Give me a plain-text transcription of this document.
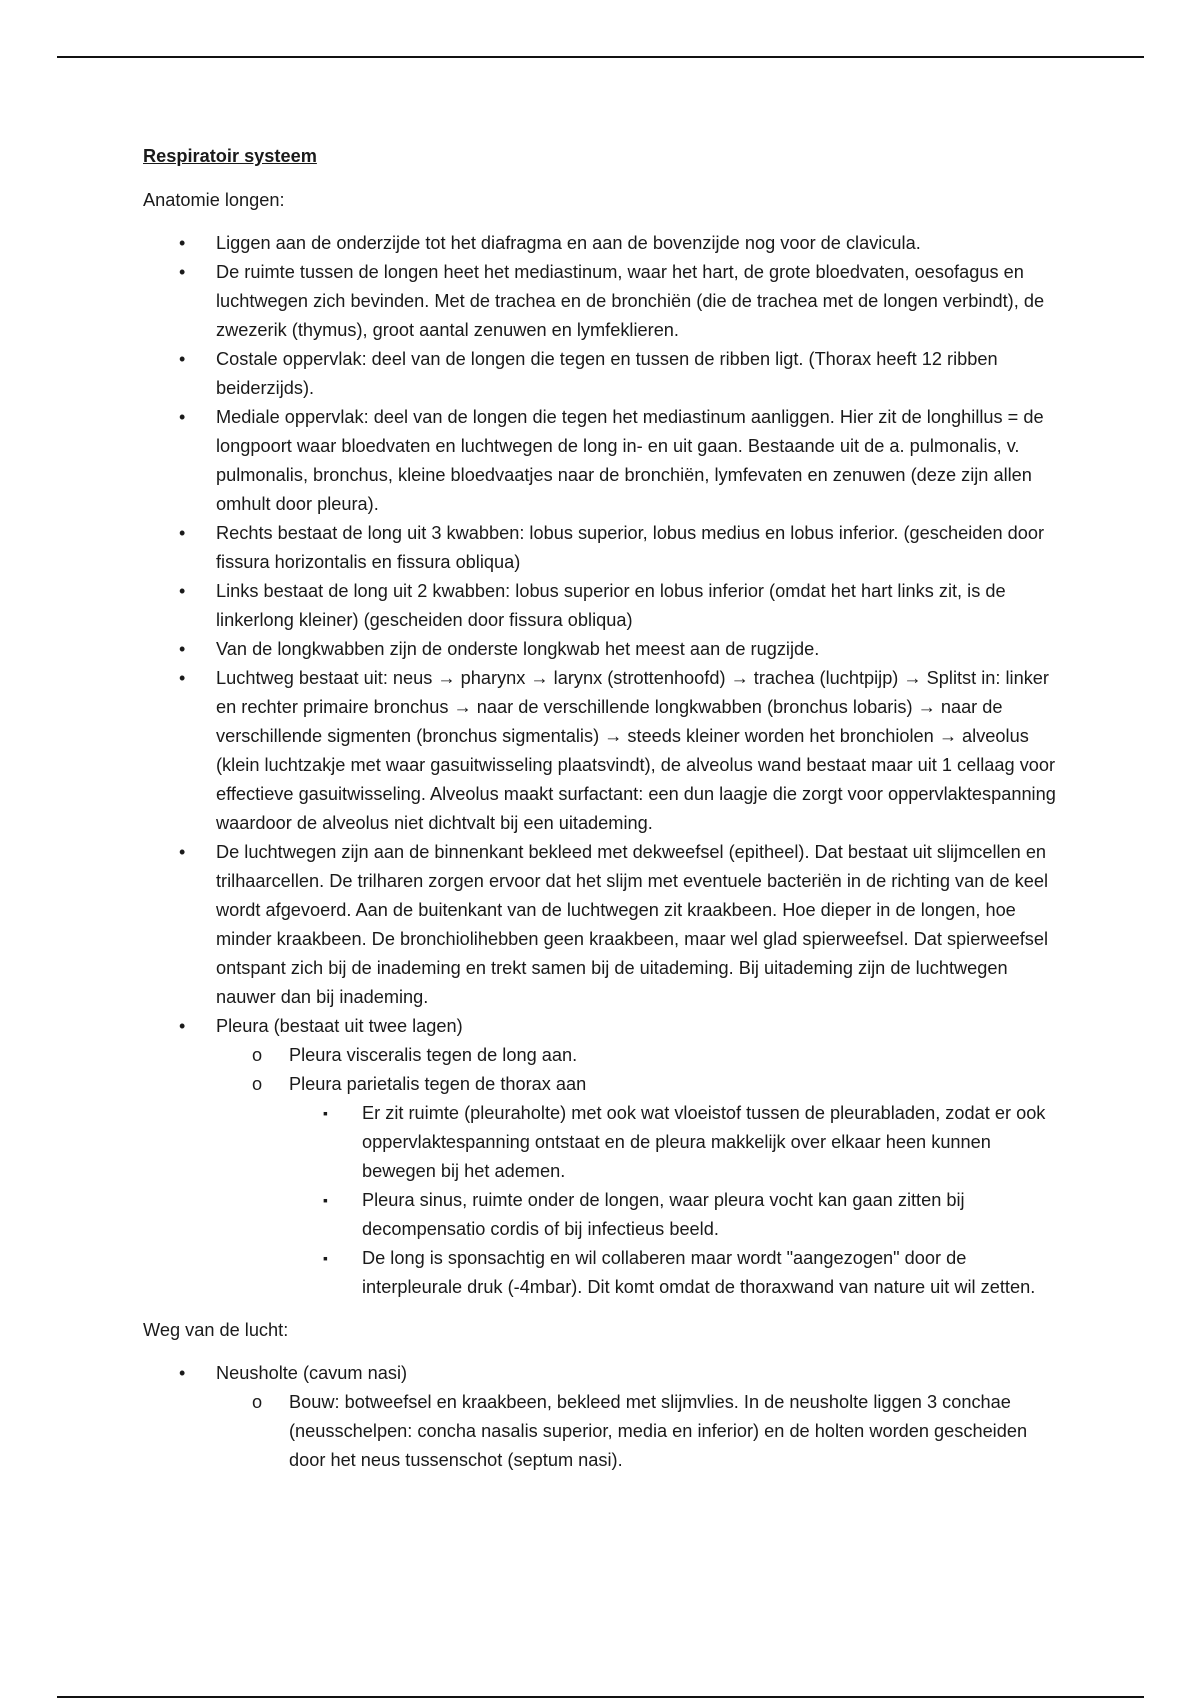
Respiratoir systeem
Anatomie longen:
• Liggen aan de onderzijde tot het diafragma en aan de bovenzijde nog voor de clavicula.
• De ruimte tussen de longen heet het mediastinum, waar het hart, de grote bloedvaten, oesofagus en luchtwegen zich bevinden. Met de trachea en de bronchiën (die de trachea met de longen verbindt), de zwezerik (thymus), groot aantal zenuwen en lymfeklieren.
• Costale oppervlak: deel van de longen die tegen en tussen de ribben ligt. (Thorax heeft 12 ribben beiderzijds).
• Mediale oppervlak: deel van de longen die tegen het mediastinum aanliggen. Hier zit de longhillus = de longpoort waar bloedvaten en luchtwegen de long in- en uit gaan. Bestaande uit de a. pulmonalis, v. pulmonalis, bronchus, kleine bloedvaatjes naar de bronchiën, lymfevaten en zenuwen (deze zijn allen omhult door pleura).
• Rechts bestaat de long uit 3 kwabben: lobus superior, lobus medius en lobus inferior. (gescheiden door fissura horizontalis en fissura obliqua)
• Links bestaat de long uit 2 kwabben: lobus superior en lobus inferior (omdat het hart links zit, is de linkerlong kleiner) (gescheiden door fissura obliqua)
• Van de longkwabben zijn de onderste longkwab het meest aan de rugzijde.
• Luchtweg bestaat uit: neus → pharynx → larynx (strottenhoofd) → trachea (luchtpijp) → Splitst in: linker en rechter primaire bronchus → naar de verschillende longkwabben (bronchus lobaris) → naar de verschillende sigmenten (bronchus sigmentalis) → steeds kleiner worden het bronchiolen → alveolus (klein luchtzakje met waar gasuitwisseling plaatsvindt), de alveolus wand bestaat maar uit 1 cellaag voor effectieve gasuitwisseling. Alveolus maakt surfactant: een dun laagje die zorgt voor oppervlaktespanning waardoor de alveolus niet dichtvalt bij een uitademing.
• De luchtwegen zijn aan de binnenkant bekleed met dekweefsel (epitheel). Dat bestaat uit slijmcellen en trilhaarcellen. De trilharen zorgen ervoor dat het slijm met eventuele bacteriën in de richting van de keel wordt afgevoerd. Aan de buitenkant van de luchtwegen zit kraakbeen. Hoe dieper in de longen, hoe minder kraakbeen. De bronchiolihebben geen kraakbeen, maar wel glad spierweefsel. Dat spierweefsel ontspant zich bij de inademing en trekt samen bij de uitademing. Bij uitademing zijn de luchtwegen nauwer dan bij inademing.
• Pleura (bestaat uit twee lagen)
o Pleura visceralis tegen de long aan.
o Pleura parietalis tegen de thorax aan
▪ Er zit ruimte (pleuraholte) met ook wat vloeistof tussen de pleurabladen, zodat er ook oppervlaktespanning ontstaat en de pleura makkelijk over elkaar heen kunnen bewegen bij het ademen.
▪ Pleura sinus, ruimte onder de longen, waar pleura vocht kan gaan zitten bij decompensatio cordis of bij infectieus beeld.
▪ De long is sponsachtig en wil collaberen maar wordt "aangezogen" door de interpleurale druk (-4mbar). Dit komt omdat de thoraxwand van nature uit wil zetten.
Weg van de lucht:
• Neusholte (cavum nasi)
o Bouw: botweefsel en kraakbeen, bekleed met slijmvlies. In de neusholte liggen 3 conchae (neusschelpen: concha nasalis superior, media en inferior) en de holten worden gescheiden door het neus tussenschot (septum nasi).
